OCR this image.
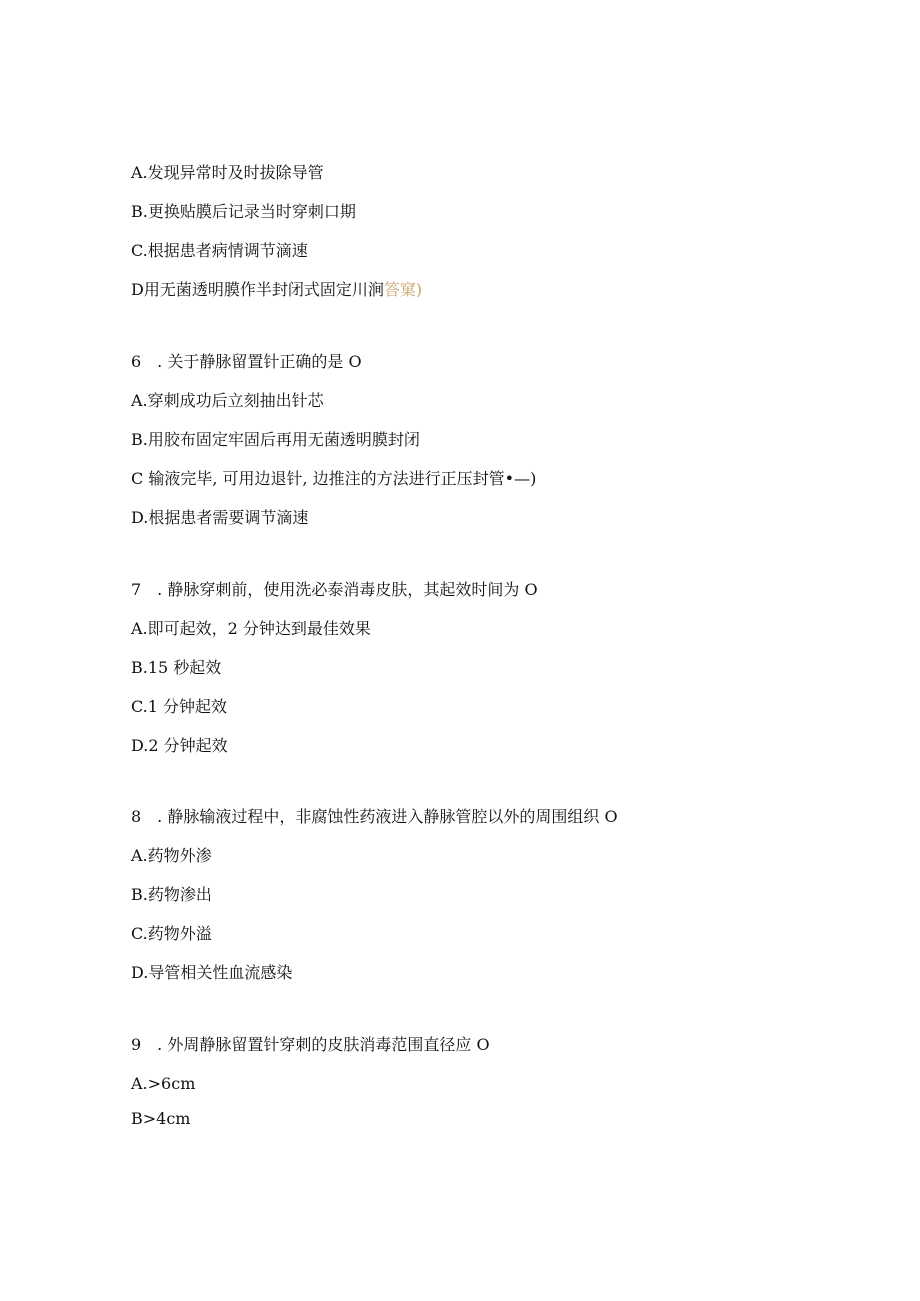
A.发现异常时及时拔除导管
B.更换贴膜后记录当时穿刺口期
C.根据患者病情调节滴速
D用无菌透明膜作半封闭式固定川涧答窠)
6　. 关于静脉留置针正确的是 O
A.穿刺成功后立刻抽出针芯
B.用胶布固定牢固后再用无菌透明膜封闭
C 输液完毕, 可用边退针, 边推注的方法进行正压封管•—)
D.根据患者需要调节滴速
7　. 静脉穿刺前，使用洗必泰消毒皮肤，其起效时间为 O
A.即可起效，2 分钟达到最佳效果
B.15 秒起效
C.1 分钟起效
D.2 分钟起效
8　. 静脉输液过程中，非腐蚀性药液进入静脉管腔以外的周围组织 O
A.药物外渗
B.药物渗出
C.药物外溢
D.导管相关性血流感染
9　. 外周静脉留置针穿刺的皮肤消毒范围直径应 O
A.>6cm
B>4cm
